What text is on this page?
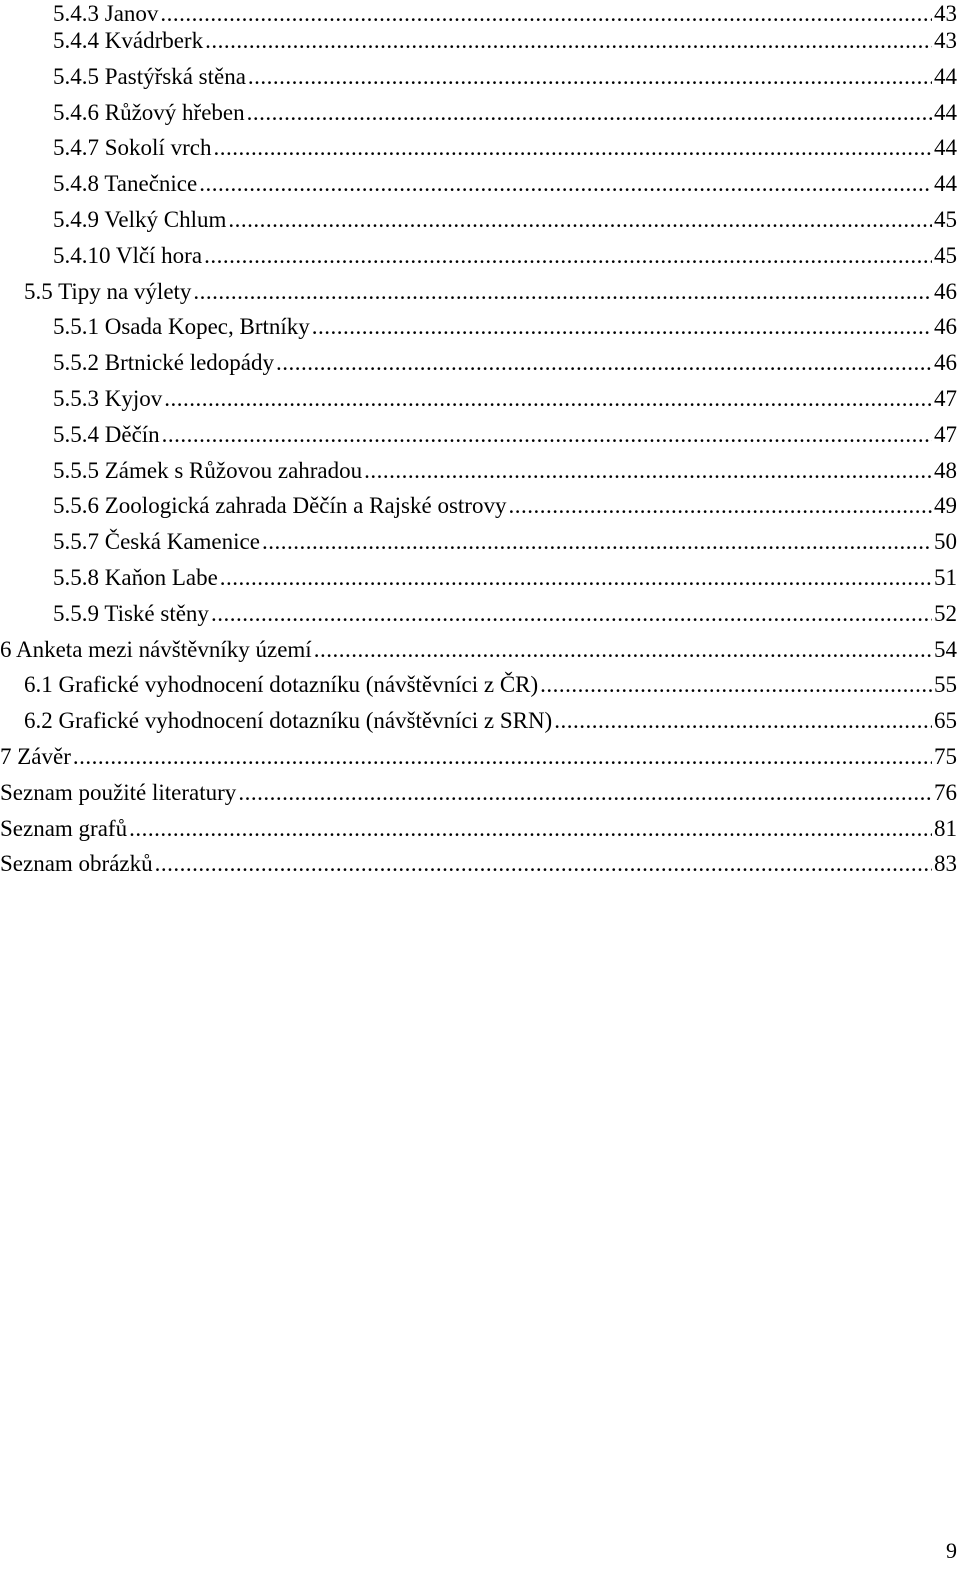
5.4.3 Janov .....	43
5.4.4 Kvádrberk .....	43
5.4.5 Pastýřská stěna .....	44
5.4.6 Růžový hřeben .....	44
5.4.7 Sokolí vrch .....	44
5.4.8 Tanečnice .....	44
5.4.9 Velký Chlum .....	45
5.4.10 Vlčí hora .....	45
5.5 Tipy na výlety .....	46
5.5.1 Osada Kopec, Brtníky .....	46
5.5.2 Brtnické ledopády .....	46
5.5.3 Kyjov .....	47
5.5.4 Děčín .....	47
5.5.5 Zámek s Růžovou zahradou .....	48
5.5.6 Zoologická zahrada Děčín a Rajské ostrovy .....	49
5.5.7 Česká Kamenice .....	50
5.5.8 Kaňon Labe .....	51
5.5.9 Tiské stěny .....	52
6 Anketa mezi návštěvníky území .....	54
6.1 Grafické vyhodnocení dotazníku (návštěvníci z ČR) .....	55
6.2 Grafické vyhodnocení dotazníku (návštěvníci z SRN) .....	65
7 Závěr .....	75
Seznam použité literatury .....	76
Seznam grafů .....	81
Seznam obrázků .....	83
9
